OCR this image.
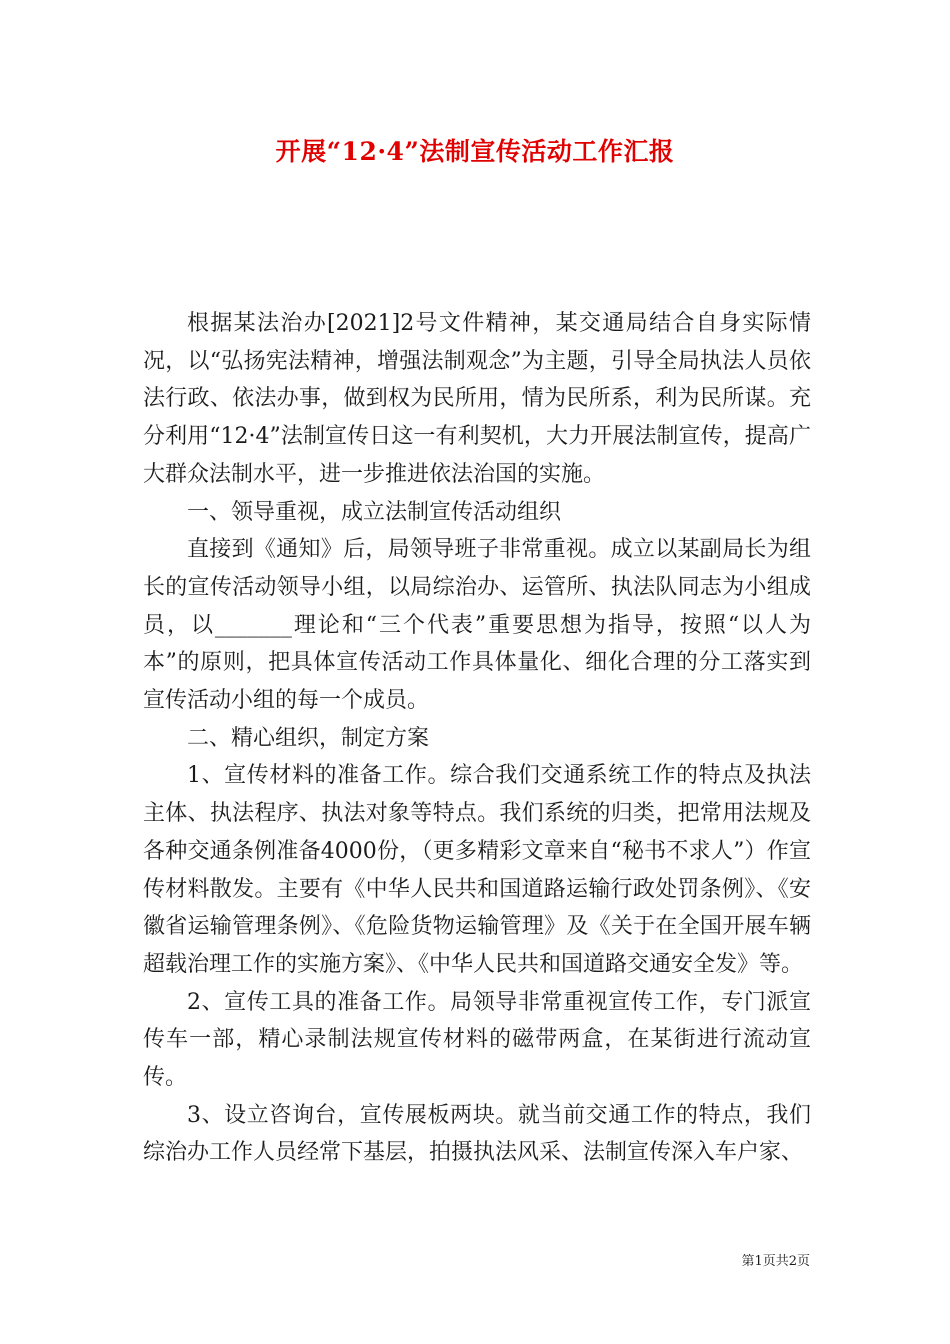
开展“12·4”法制宣传活动工作汇报

根据某法治办[2021]2号文件精神，某交通局结合自身实际情况，以“弘扬宪法精神，增强法制观念”为主题，引导全局执法人员依法行政、依法办事，做到权为民所用，情为民所系，利为民所谋。充分利用“12·4”法制宣传日这一有利契机，大力开展法制宣传，提高广大群众法制水平，进一步推进依法治国的实施。

一、领导重视，成立法制宣传活动组织

直接到《通知》后，局领导班子非常重视。成立以某副局长为组长的宣传活动领导小组，以局综治办、运管所、执法队同志为小组成员，以_______理论和“三个代表”重要思想为指导，按照“以人为本”的原则，把具体宣传活动工作具体量化、细化合理的分工落实到宣传活动小组的每一个成员。

二、精心组织，制定方案

1、宣传材料的准备工作。综合我们交通系统工作的特点及执法主体、执法程序、执法对象等特点。我们系统的归类，把常用法规及各种交通条例准备4000份，（更多精彩文章来自“秘书不求人”）作宣传材料散发。主要有《中华人民共和国道路运输行政处罚条例》、《安徽省运输管理条例》、《危险货物运输管理》及《关于在全国开展车辆超载治理工作的实施方案》、《中华人民共和国道路交通安全发》等。

2、宣传工具的准备工作。局领导非常重视宣传工作，专门派宣传车一部，精心录制法规宣传材料的磁带两盒，在某街进行流动宣传。

3、设立咨询台，宣传展板两块。就当前交通工作的特点，我们综治办工作人员经常下基层，拍摄执法风采、法制宣传深入车户家、

第1页共2页
